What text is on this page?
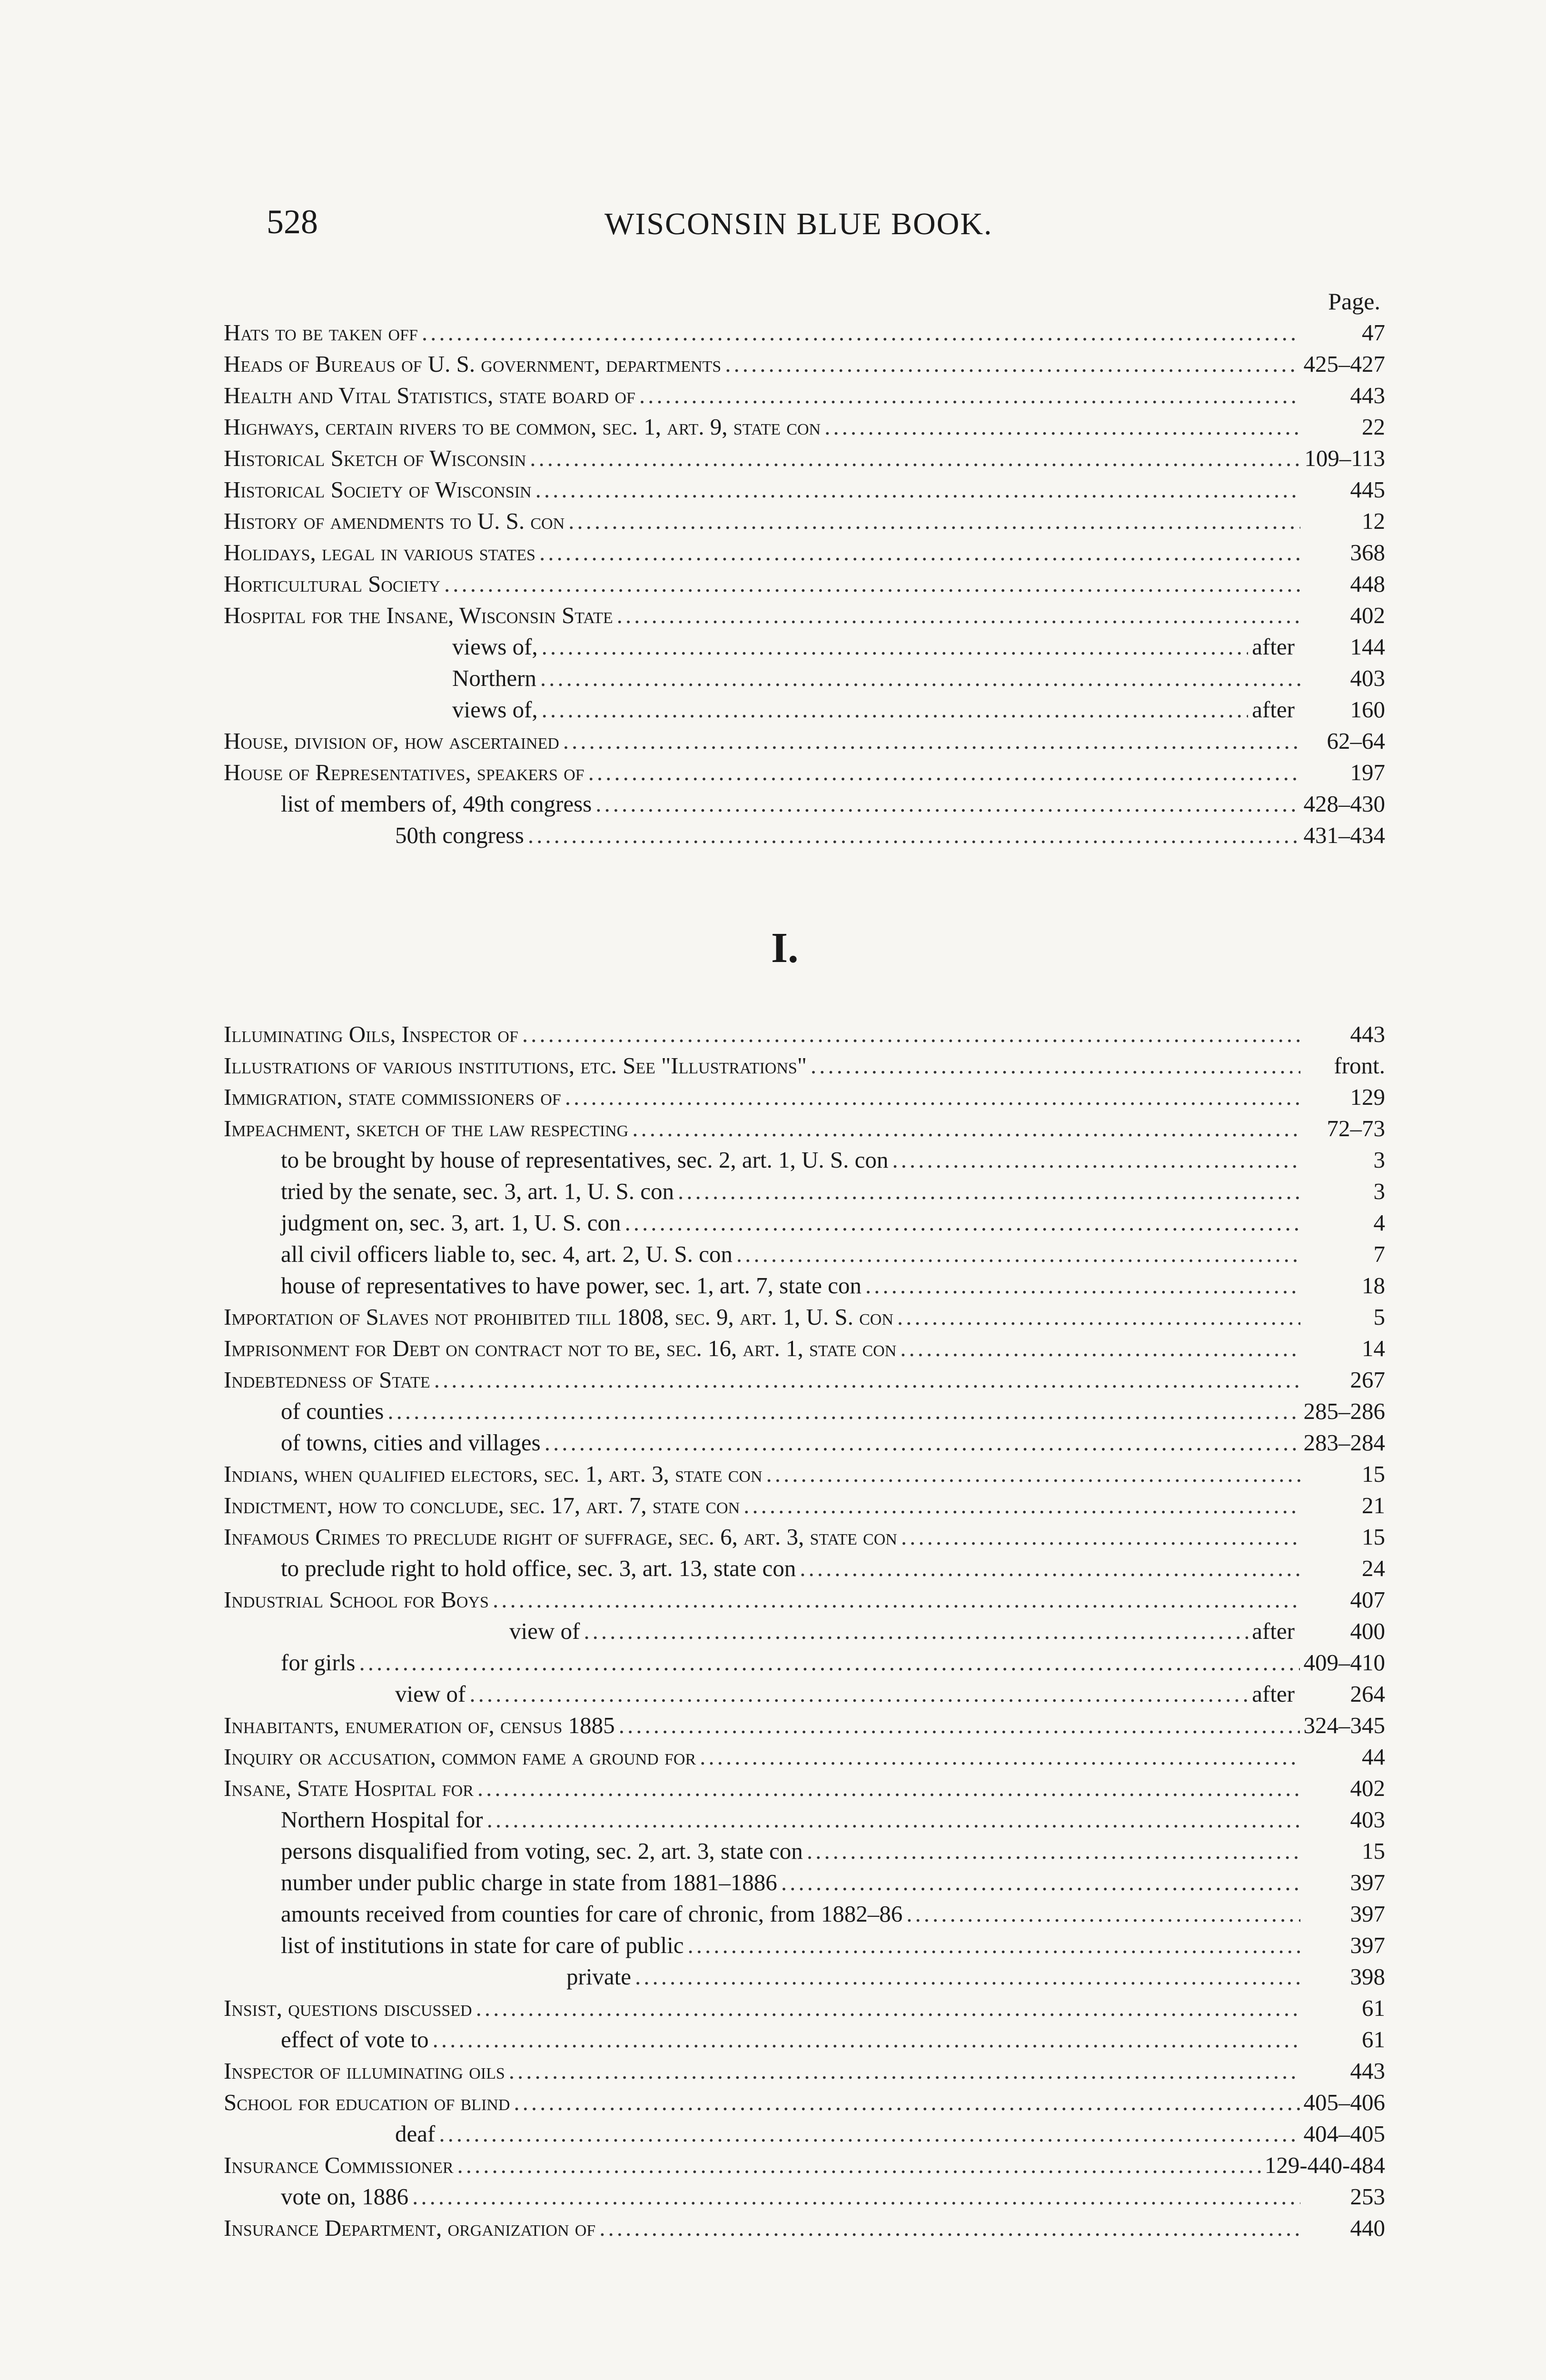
528	WISCONSIN BLUE BOOK.
Page.
Hats to be taken off .....	47
Heads of Bureaus of U. S. government, departments .....	425–427
Health and Vital Statistics, state board of .....	443
Highways, certain rivers to be common, sec. 1, art. 9, state con .....	22
Historical Sketch of Wisconsin .....	109–113
Historical Society of Wisconsin .....	445
History of amendments to U. S. con .....	12
Holidays, legal in various states .....	368
Horticultural Society .....	448
Hospital for the Insane, Wisconsin State .....	402
views of, .....	after	144
Northern .....	403
views of, .....	after	160
House, division of, how ascertained .....	62–64
House of Representatives, speakers of .....	197
list of members of, 49th congress .....	428–430
50th congress .....	431–434
I.
Illuminating Oils, Inspector of .....	443
Illustrations of various institutions, etc. See "Illustrations" .....	front.
Immigration, state commissioners of .....	129
Impeachment, sketch of the law respecting .....	72–73
to be brought by house of representatives, sec. 2, art. 1, U. S. con .....	3
tried by the senate, sec. 3, art. 1, U. S. con .....	3
judgment on, sec. 3, art. 1, U. S. con .....	4
all civil officers liable to, sec. 4, art. 2, U. S. con .....	7
house of representatives to have power, sec. 1, art. 7, state con .....	18
Importation of Slaves not prohibited till 1808, sec. 9, art. 1, U. S. con .....	5
Imprisonment for Debt on contract not to be, sec. 16, art. 1, state con .....	14
Indebtedness of State .....	267
of counties .....	285–286
of towns, cities and villages .....	283–284
Indians, when qualified electors, sec. 1, art. 3, state con .....	15
Indictment, how to conclude, sec. 17, art. 7, state con .....	21
Infamous Crimes to preclude right of suffrage, sec. 6, art. 3, state con .....	15
to preclude right to hold office, sec. 3, art. 13, state con .....	24
Industrial School for Boys .....	407
view of .....	after	400
for girls .....	409–410
view of .....	after	264
Inhabitants, enumeration of, census 1885 .....	324–345
Inquiry or accusation, common fame a ground for .....	44
Insane, State Hospital for .....	402
Northern Hospital for .....	403
persons disqualified from voting, sec. 2, art. 3, state con .....	15
number under public charge in state from 1881–1886 .....	397
amounts received from counties for care of chronic, from 1882–86 .....	397
list of institutions in state for care of public .....	397
private .....	398
Insist, questions discussed .....	61
effect of vote to .....	61
Inspector of illuminating oils .....	443
School for education of blind .....	405–406
deaf .....	404–405
Insurance Commissioner .....	129-440-484
vote on, 1886 .....	253
Insurance Department, organization of .....	440
